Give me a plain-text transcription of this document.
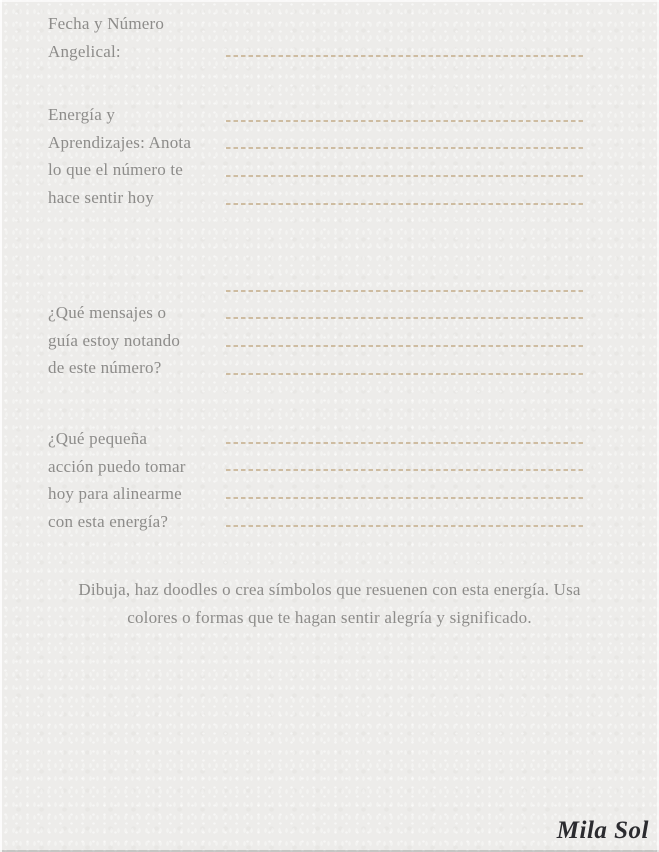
Fecha y Número
Angelical:
Energía y
Aprendizajes: Anota
lo que el número te
hace sentir hoy
¿Qué mensajes o
guía estoy notando
de este número?
¿Qué pequeña
acción puedo tomar
hoy para alinearme
con esta energía?
Dibuja, haz doodles o crea símbolos que resuenen con esta energía. Usa
colores o formas que te hagan sentir alegría y significado.
Mila Sol
